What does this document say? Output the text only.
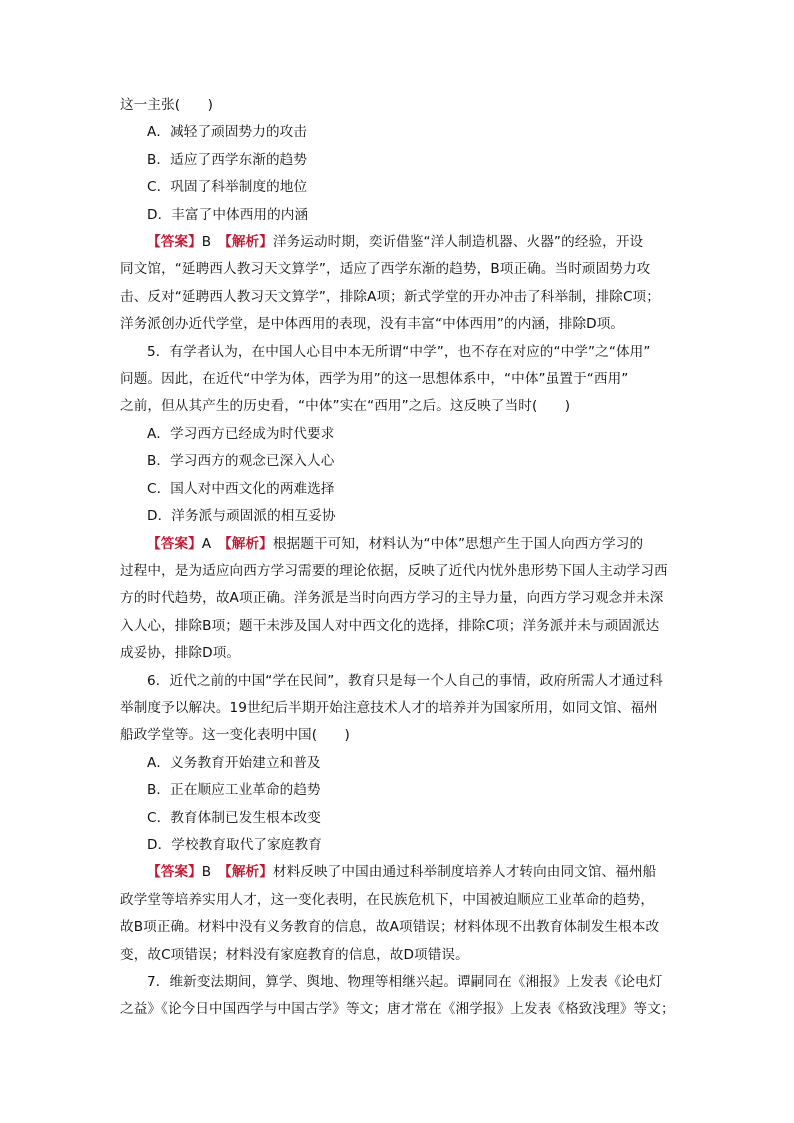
这一主张(　　)
A．减轻了顽固势力的攻击
B．适应了西学东渐的趋势
C．巩固了科举制度的地位
D．丰富了中体西用的内涵
【答案】B　 【解析】洋务运动时期，奕䜣借鉴“洋人制造机器、火器”的经验，开设
同文馆，“延聘西人教习天文算学”，适应了西学东渐的趋势，B项正确。当时顽固势力攻
击、反对“延聘西人教习天文算学”，排除A项；新式学堂的开办冲击了科举制，排除C项；
洋务派创办近代学堂，是中体西用的表现，没有丰富“中体西用”的内涵，排除D项。
5．有学者认为，在中国人心目中本无所谓“中学”，也不存在对应的“中学”之“体用”
问题。因此，在近代“中学为体，西学为用”的这一思想体系中，“中体”虽置于“西用”
之前，但从其产生的历史看，“中体”实在“西用”之后。这反映了当时(　　)
A．学习西方已经成为时代要求
B．学习西方的观念已深入人心
C．国人对中西文化的两难选择
D．洋务派与顽固派的相互妥协
【答案】A　 【解析】根据题干可知，材料认为“中体”思想产生于国人向西方学习的
过程中，是为适应向西方学习需要的理论依据，反映了近代内忧外患形势下国人主动学习西
方的时代趋势，故A项正确。洋务派是当时向西方学习的主导力量，向西方学习观念并未深
入人心，排除B项；题干未涉及国人对中西文化的选择，排除C项；洋务派并未与顽固派达
成妥协，排除D项。
6．近代之前的中国“学在民间”，教育只是每一个人自己的事情，政府所需人才通过科
举制度予以解决。19世纪后半期开始注意技术人才的培养并为国家所用，如同文馆、福州
船政学堂等。这一变化表明中国(　　)
A．义务教育开始建立和普及
B．正在顺应工业革命的趋势
C．教育体制已发生根本改变
D．学校教育取代了家庭教育
【答案】B　 【解析】材料反映了中国由通过科举制度培养人才转向由同文馆、福州船
政学堂等培养实用人才，这一变化表明，在民族危机下，中国被迫顺应工业革命的趋势，
故B项正确。材料中没有义务教育的信息，故A项错误；材料体现不出教育体制发生根本改
变，故C项错误；材料没有家庭教育的信息，故D项错误。
7．维新变法期间，算学、舆地、物理等相继兴起。谭嗣同在《湘报》上发表《论电灯
之益》《论今日中国西学与中国古学》等文；唐才常在《湘学报》上发表《格致浅理》等文；
